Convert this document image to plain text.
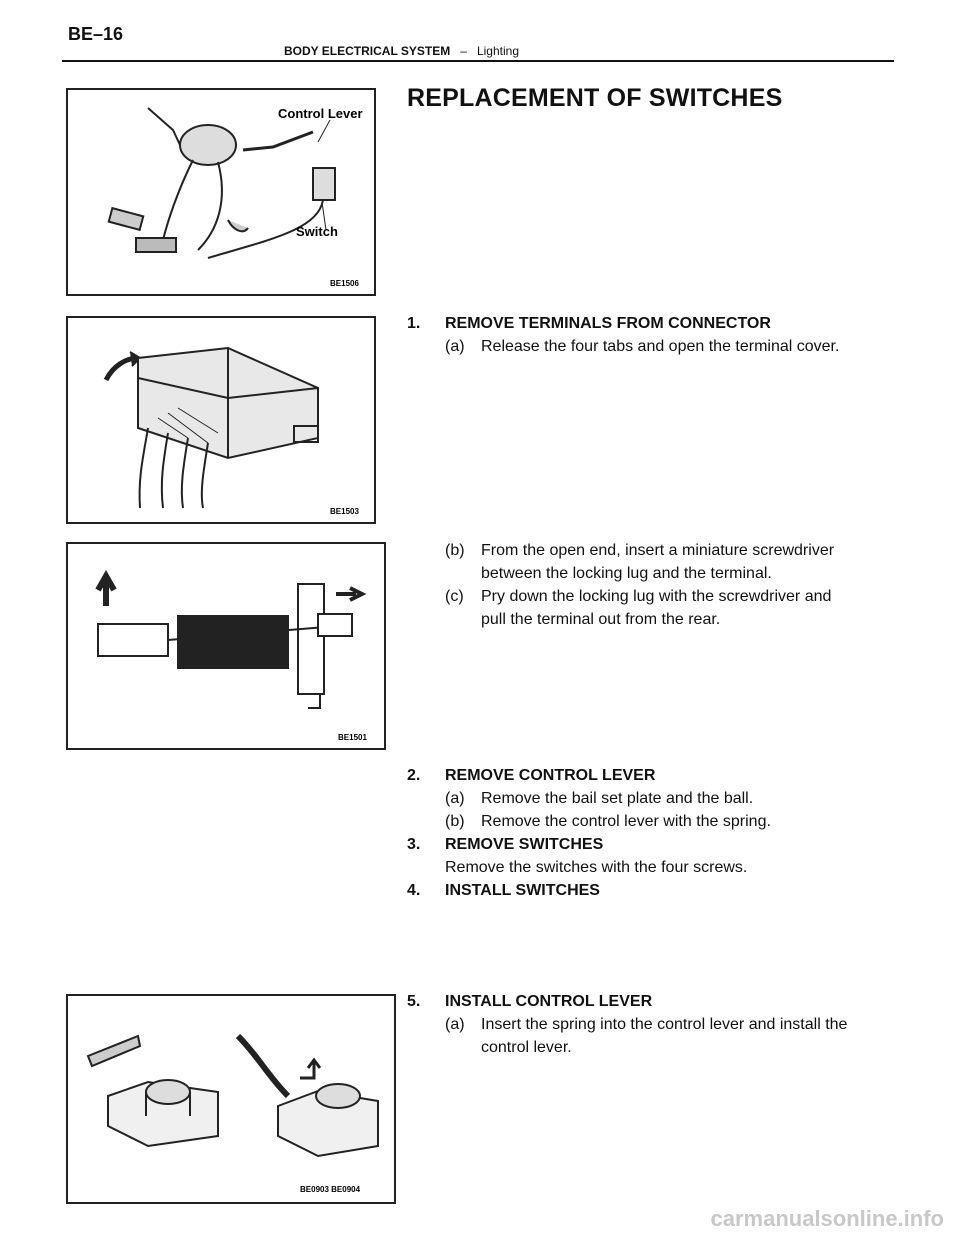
BE–16
BODY ELECTRICAL SYSTEM – Lighting
Control Lever
Switch
BE1506
BE1503
BE1501
BE0903 BE0904
REPLACEMENT OF SWITCHES
1. REMOVE TERMINALS FROM CONNECTOR
(a) Release the four tabs and open the terminal cover.
(b) From the open end, insert a miniature screwdriver
between the locking lug and the terminal.
(c) Pry down the locking lug with the screwdriver and
pull the terminal out from the rear.
2. REMOVE CONTROL LEVER
(a) Remove the bail set plate and the ball.
(b) Remove the control lever with the spring.
3. REMOVE SWITCHES
Remove the switches with the four screws.
4. INSTALL SWITCHES
5. INSTALL CONTROL LEVER
(a) Insert the spring into the control lever and install the
control lever.
carmanualsonline.info
